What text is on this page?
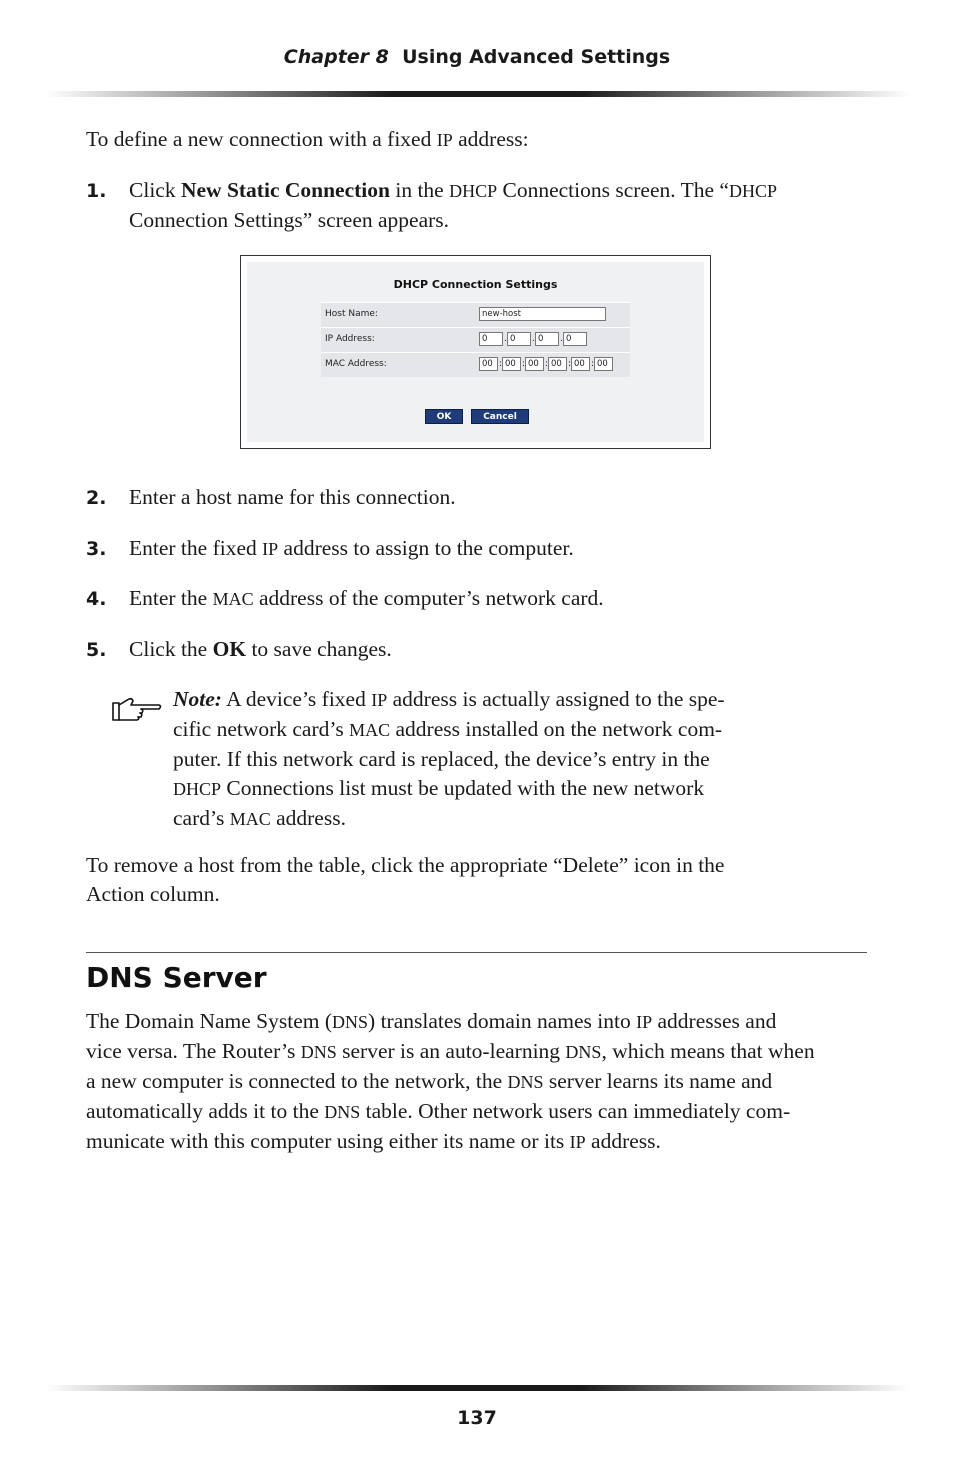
Chapter 8 Using Advanced Settings
To define a new connection with a fixed IP address:
1. Click New Static Connection in the DHCP Connections screen. The “DHCP
Connection Settings” screen appears.
DHCP Connection Settings
Host Name:	new-host
IP Address:	0	. 0	. 0	. 0
MAC Address:	00 : 00 : 00 : 00 : 00 : 00
OK	Cancel
2. Enter a host name for this connection.
3. Enter the fixed IP address to assign to the computer.
4. Enter the MAC address of the computer’s network card.
5. Click the OK to save changes.
Note: A device’s fixed IP address is actually assigned to the spe-
cific network card’s MAC address installed on the network com-
puter. If this network card is replaced, the device’s entry in the
DHCP Connections list must be updated with the new network
card’s MAC address.
To remove a host from the table, click the appropriate “Delete” icon in the
Action column.
DNS Server
The Domain Name System (DNS) translates domain names into IP addresses and
vice versa. The Router’s DNS server is an auto-learning DNS, which means that when
a new computer is connected to the network, the DNS server learns its name and
automatically adds it to the DNS table. Other network users can immediately com-
municate with this computer using either its name or its IP address.
137
